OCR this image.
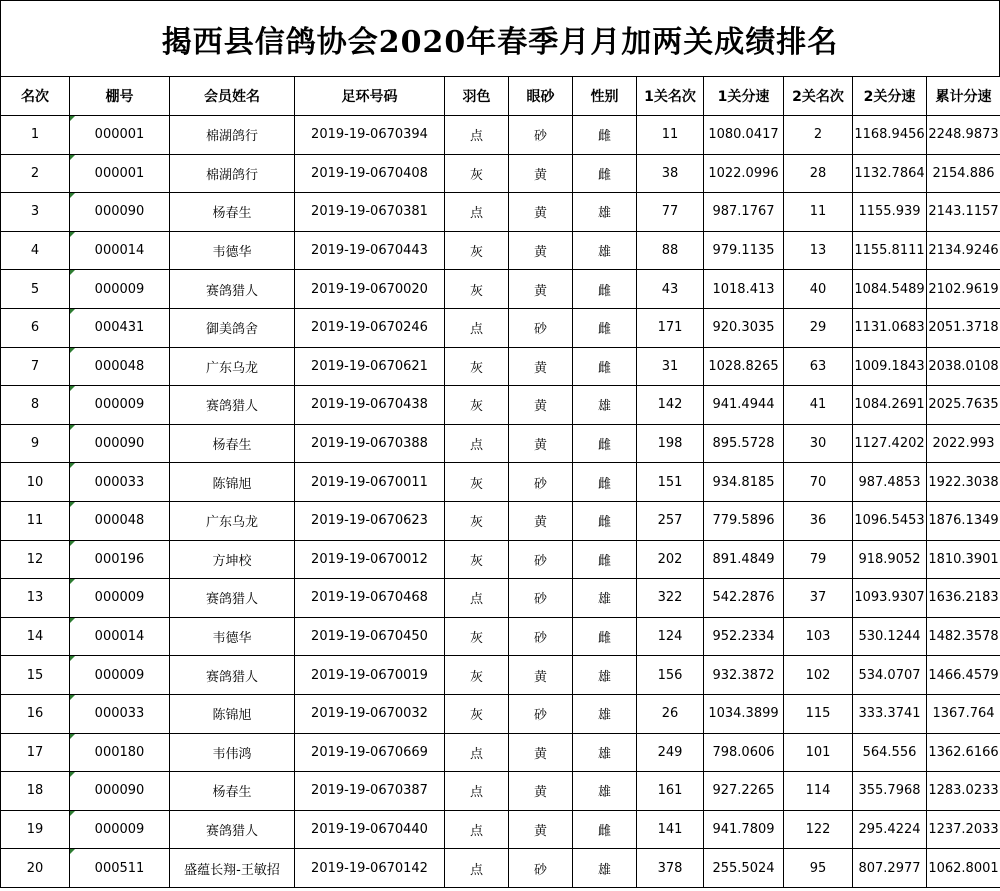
揭西县信鸽协会2020年春季月月加两关成绩排名
名次	棚号	会员姓名	足环号码	羽色	眼砂	性别	1关名次	1关分速	2关名次	2关分速	累计分速
1	000001	棉湖鸽行	2019-19-0670394	点	砂	雌	11	1080.0417	2	1168.9456	2248.9873
2	000001	棉湖鸽行	2019-19-0670408	灰	黄	雌	38	1022.0996	28	1132.7864	2154.886
3	000090	杨春生	2019-19-0670381	点	黄	雄	77	987.1767	11	1155.939	2143.1157
4	000014	韦德华	2019-19-0670443	灰	黄	雄	88	979.1135	13	1155.8111	2134.9246
5	000009	赛鸽猎人	2019-19-0670020	灰	黄	雌	43	1018.413	40	1084.5489	2102.9619
6	000431	御美鸽舍	2019-19-0670246	点	砂	雌	171	920.3035	29	1131.0683	2051.3718
7	000048	广东乌龙	2019-19-0670621	灰	黄	雌	31	1028.8265	63	1009.1843	2038.0108
8	000009	赛鸽猎人	2019-19-0670438	灰	黄	雄	142	941.4944	41	1084.2691	2025.7635
9	000090	杨春生	2019-19-0670388	点	黄	雌	198	895.5728	30	1127.4202	2022.993
10	000033	陈锦旭	2019-19-0670011	灰	砂	雌	151	934.8185	70	987.4853	1922.3038
11	000048	广东乌龙	2019-19-0670623	灰	黄	雌	257	779.5896	36	1096.5453	1876.1349
12	000196	方坤校	2019-19-0670012	灰	砂	雌	202	891.4849	79	918.9052	1810.3901
13	000009	赛鸽猎人	2019-19-0670468	点	砂	雄	322	542.2876	37	1093.9307	1636.2183
14	000014	韦德华	2019-19-0670450	灰	砂	雌	124	952.2334	103	530.1244	1482.3578
15	000009	赛鸽猎人	2019-19-0670019	灰	黄	雄	156	932.3872	102	534.0707	1466.4579
16	000033	陈锦旭	2019-19-0670032	灰	砂	雄	26	1034.3899	115	333.3741	1367.764
17	000180	韦伟鸿	2019-19-0670669	点	黄	雄	249	798.0606	101	564.556	1362.6166
18	000090	杨春生	2019-19-0670387	点	黄	雄	161	927.2265	114	355.7968	1283.0233
19	000009	赛鸽猎人	2019-19-0670440	点	黄	雌	141	941.7809	122	295.4224	1237.2033
20	000511	盛蕴长翔-王敏招	2019-19-0670142	点	砂	雄	378	255.5024	95	807.2977	1062.8001
